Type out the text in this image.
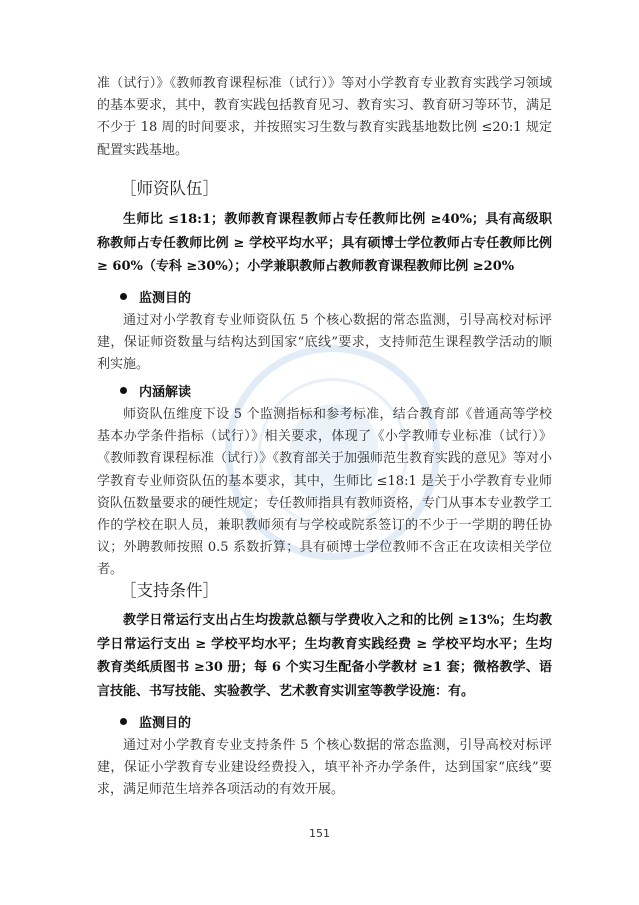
准（试行）》《教师教育课程标准（试行）》等对小学教育专业教育实践学习领域的基本要求，其中，教育实践包括教育见习、教育实习、教育研习等环节，满足不少于 18 周的时间要求，并按照实习生数与教育实践基地数比例 ≤20:1 规定配置实践基地。

［师资队伍］

生师比 ≤18:1；教师教育课程教师占专任教师比例 ≥40%；具有高级职称教师占专任教师比例 ≥ 学校平均水平；具有硕博士学位教师占专任教师比例 ≥ 60%（专科 ≥30%）；小学兼职教师占教师教育课程教师比例 ≥20%

监测目的

通过对小学教育专业师资队伍 5 个核心数据的常态监测，引导高校对标评建，保证师资数量与结构达到国家“底线”要求，支持师范生课程教学活动的顺利实施。

内涵解读

师资队伍维度下设 5 个监测指标和参考标准，结合教育部《普通高等学校基本办学条件指标（试行）》相关要求，体现了《小学教师专业标准（试行）》《教师教育课程标准（试行）》《教育部关于加强师范生教育实践的意见》等对小学教育专业师资队伍的基本要求，其中，生师比 ≤18:1 是关于小学教育专业师资队伍数量要求的硬性规定；专任教师指具有教师资格，专门从事本专业教学工作的学校在职人员，兼职教师须有与学校或院系签订的不少于一学期的聘任协议；外聘教师按照 0.5 系数折算；具有硕博士学位教师不含正在攻读相关学位者。

［支持条件］

教学日常运行支出占生均拨款总额与学费收入之和的比例 ≥13%；生均教学日常运行支出 ≥ 学校平均水平；生均教育实践经费 ≥ 学校平均水平；生均教育类纸质图书 ≥30 册；每 6 个实习生配备小学教材 ≥1 套；微格教学、语言技能、书写技能、实验教学、艺术教育实训室等教学设施：有。

监测目的

通过对小学教育专业支持条件 5 个核心数据的常态监测，引导高校对标评建，保证小学教育专业建设经费投入，填平补齐办学条件，达到国家“底线”要求，满足师范生培养各项活动的有效开展。

151
